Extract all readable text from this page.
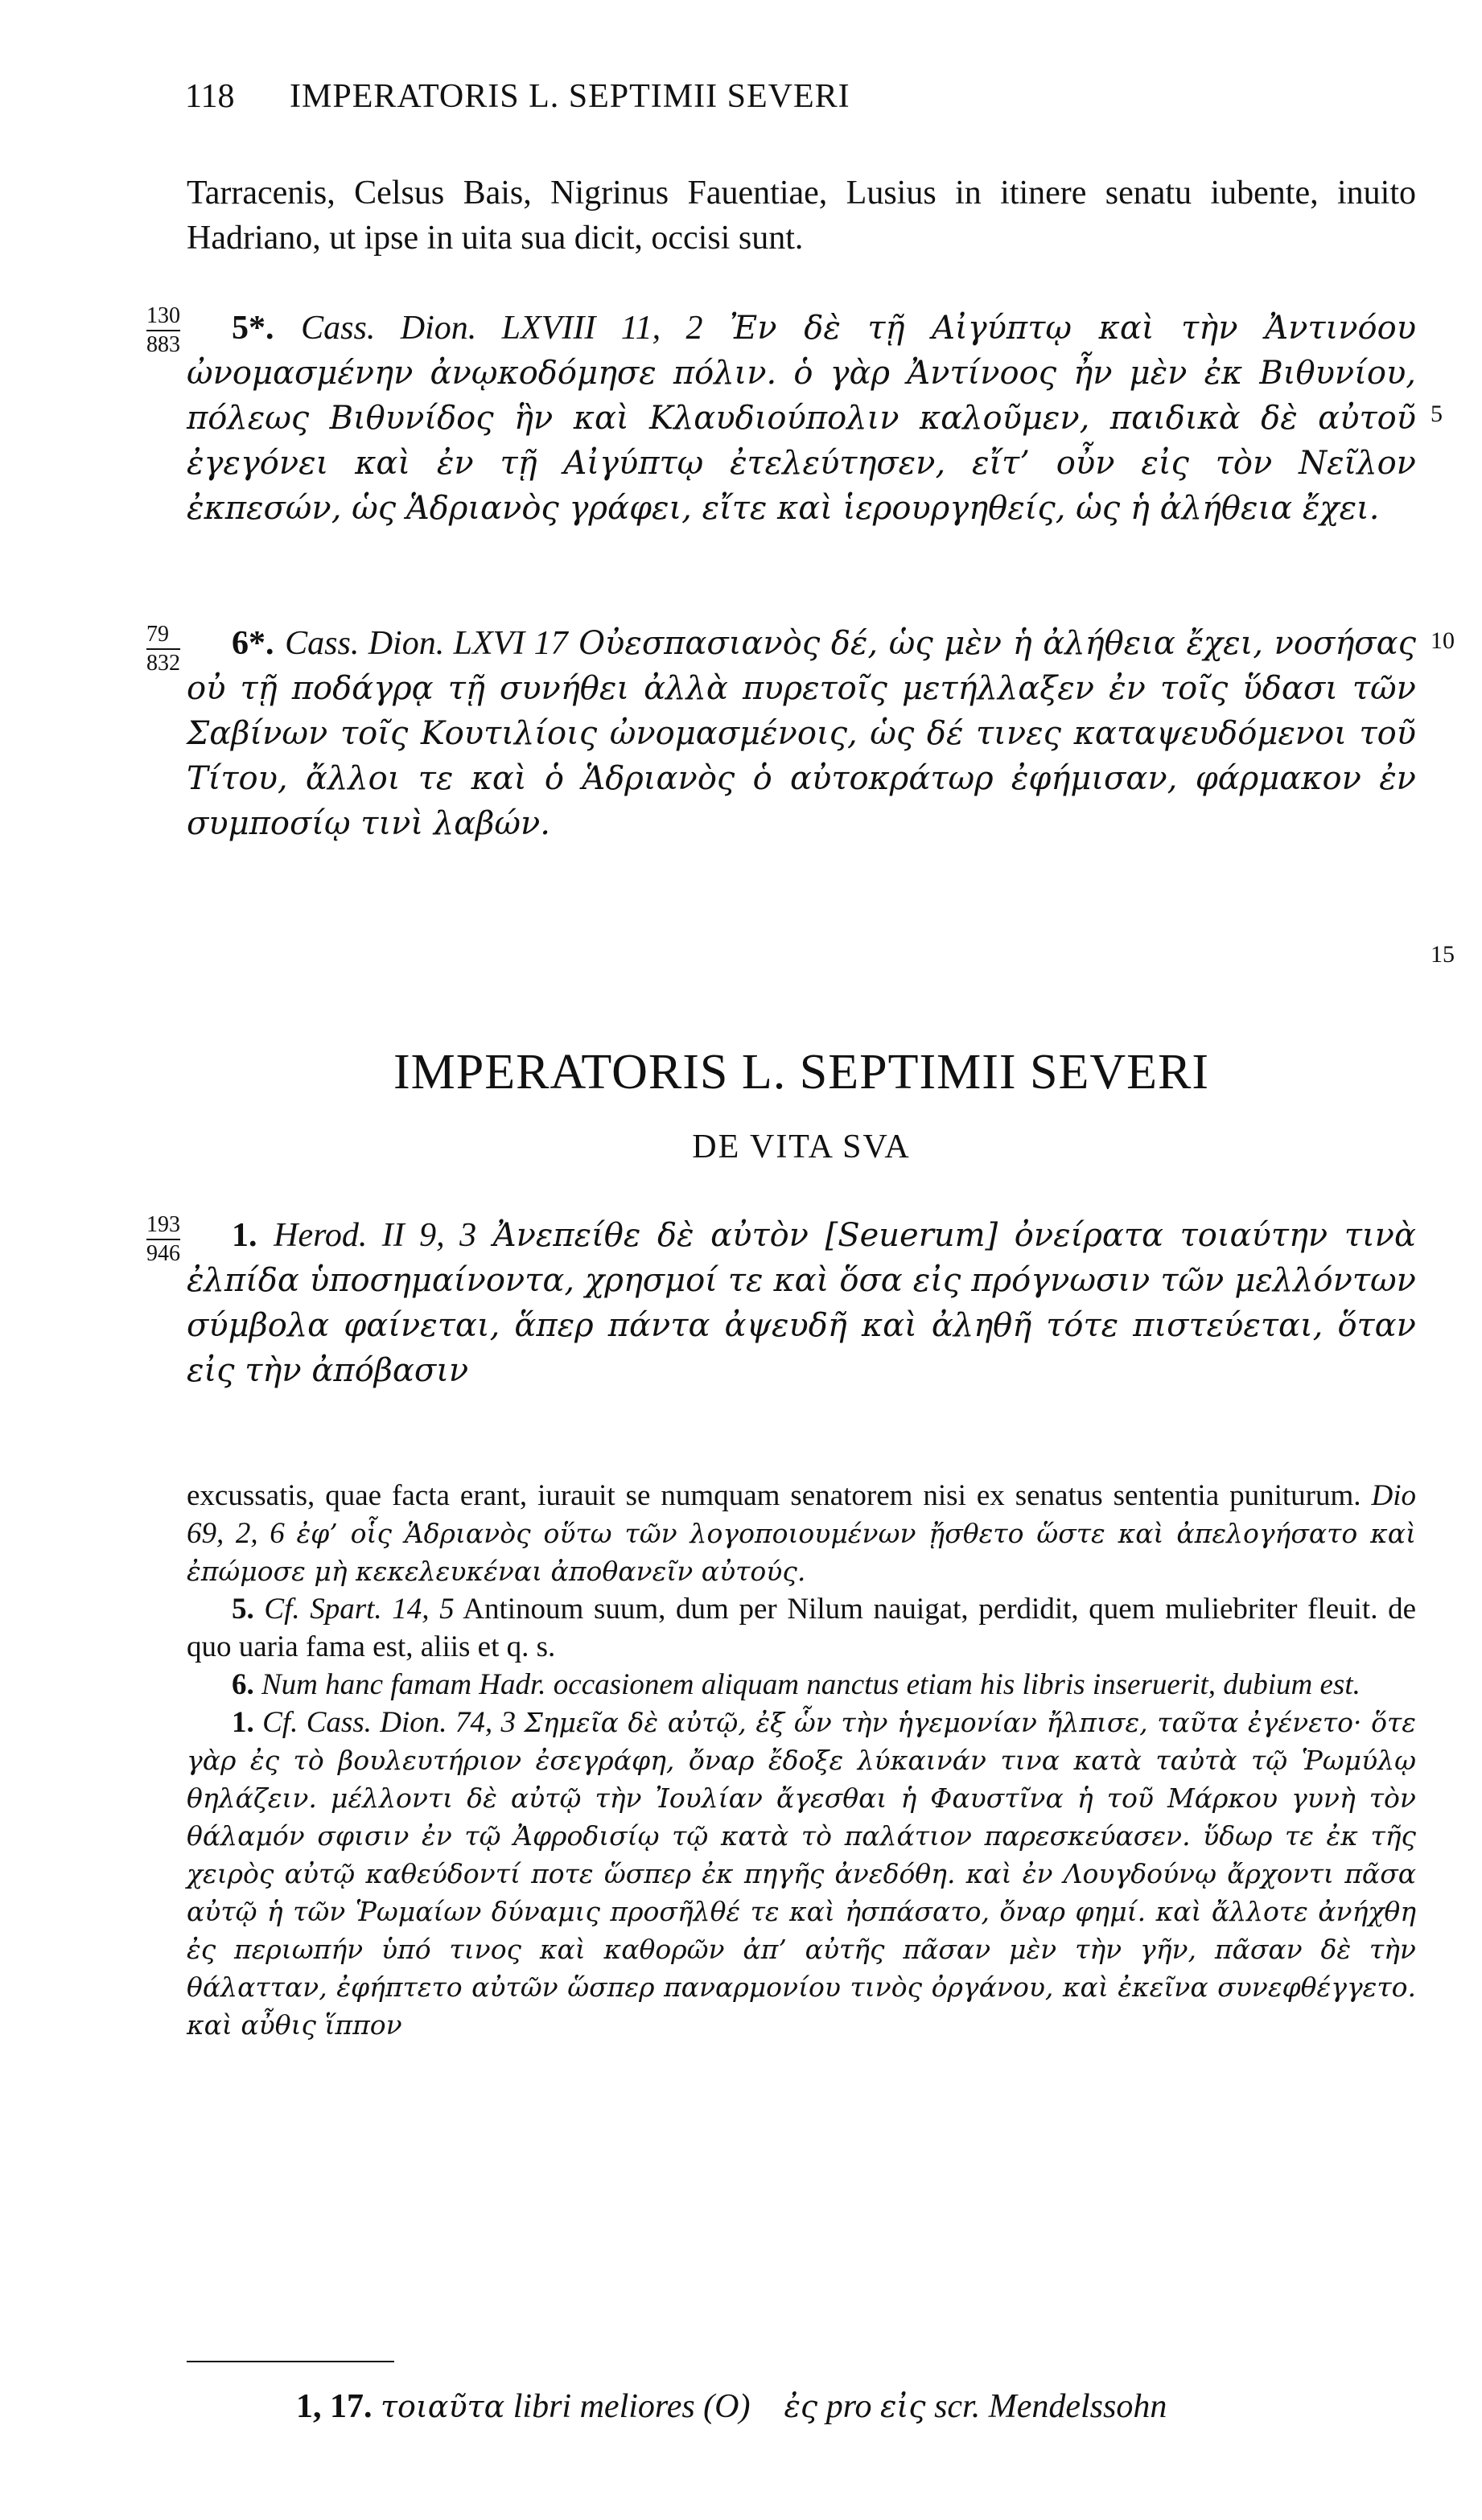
118 IMPERATORIS L. SEPTIMII SEVERI

Tarracenis, Celsus Bais, Nigrinus Fauentiae, Lusius in itinere senatu iubente, inuito Hadriano, ut ipse in uita sua dicit, occisi sunt.

130
883	5*. Cass. Dion. LXVIII 11, 2 Ἐν δὲ τῇ Αἰγύπτῳ καὶ τὴν Ἀντινόου ὠνομασμένην ἀνῳκοδόμησε πόλιν. ὁ γὰρ Ἀντίνοος ἦν μὲν ἐκ Βιθυνίου, πόλεως Βιθυνίδος ἣν καὶ Κλαυδιούπολιν καλοῦμεν, παιδικὰ δὲ αὐτοῦ ἐγεγόνει καὶ ἐν τῇ Αἰγύπτῳ ἐτελεύτησεν, εἴτ’ οὖν εἰς τὸν Νεῖλον ἐκπεσών, ὡς Ἁδριανὸς γράφει, εἴτε καὶ ἱερουργηθείς, ὡς ἡ ἀλήθεια ἔχει.

5
79
832

6*. Cass. Dion. LXVI 17 Οὐεσπασιανὸς δέ, ὡς μὲν ἡ ἀλήθεια ἔχει, νοσήσας οὐ τῇ ποδάγρᾳ τῇ συνήθει ἀλλὰ πυρετοῖς μετήλλαξεν ἐν τοῖς ὕδασι τῶν Σαβίνων τοῖς Κουτιλίοις ὠνομασμένοις, ὡς δέ τινες καταψευδόμενοι τοῦ Τίτου, ἄλλοι τε καὶ ὁ Ἁδριανὸς ὁ αὐτοκράτωρ ἐφήμισαν, φάρμακον ἐν συμποσίῳ τινὶ λαβών.

10
15
IMPERATORIS L. SEPTIMII SEVERI
DE VITA SVA
193
946	1. Herod. II 9, 3 Ἀνεπείθε δὲ αὐτὸν [Seuerum] ὀνείρατα τοιαύτην τινὰ ἐλπίδα ὑποσημαίνοντα, χρησμοί τε καὶ ὅσα εἰς πρόγνωσιν τῶν μελλόντων σύμβολα φαίνεται, ἅπερ πάντα ἀψευδῆ καὶ ἀληθῆ τότε πιστεύεται, ὅταν εἰς τὴν ἀπόβασιν

excussatis, quae facta erant, iurauit se numquam senatorem nisi ex senatus sententia puniturum. Dio 69, 2, 6 ἐφ’ οἷς Ἁδριανὸς οὕτω τῶν λογοποιουμένων ᾔσθετο ὥστε καὶ ἀπελογήσατο καὶ ἐπώμοσε μὴ κεκελευκέναι ἀποθανεῖν αὐτούς.

5. Cf. Spart. 14, 5 Antinoum suum, dum per Nilum nauigat, perdidit, quem muliebriter fleuit. de quo uaria fama est, aliis et q. s.

6. Num hanc famam Hadr. occasionem aliquam nanctus etiam his libris inseruerit, dubium est.

1. Cf. Cass. Dion. 74, 3 Σημεῖα δὲ αὐτῷ, ἐξ ὧν τὴν ἡγεμονίαν ἤλπισε, ταῦτα ἐγένετο· ὅτε γὰρ ἐς τὸ βουλευτήριον ἐσεγράφη, ὄναρ ἔδοξε λύκαινάν τινα κατὰ ταὐτὰ τῷ Ῥωμύλῳ θηλάζειν. μέλλοντι δὲ αὐτῷ τὴν Ἰουλίαν ἄγεσθαι ἡ Φαυστῖνα ἡ τοῦ Μάρκου γυνὴ τὸν θάλαμόν σφισιν ἐν τῷ Ἀφροδισίῳ τῷ κατὰ τὸ παλάτιον παρεσκεύασεν. ὕδωρ τε ἐκ τῆς χειρὸς αὐτῷ καθεύδοντί ποτε ὥσπερ ἐκ πηγῆς ἀνεδόθη. καὶ ἐν Λουγδούνῳ ἄρχοντι πᾶσα αὐτῷ ἡ τῶν Ῥωμαίων δύναμις προσῆλθέ τε καὶ ἠσπάσατο, ὄναρ φημί. καὶ ἄλλοτε ἀνήχθη ἐς περιωπήν ὑπό τινος καὶ καθορῶν ἀπ’ αὐτῆς πᾶσαν μὲν τὴν γῆν, πᾶσαν δὲ τὴν θάλατταν, ἐφήπτετο αὐτῶν ὥσπερ παναρμονίου τινὸς ὀργάνου, καὶ ἐκεῖνα συνεφθέγγετο. καὶ αὖθις ἵππον

1, 17. τοιαῦτα libri meliores (O) ἐς pro εἰς scr. Mendelssohn
